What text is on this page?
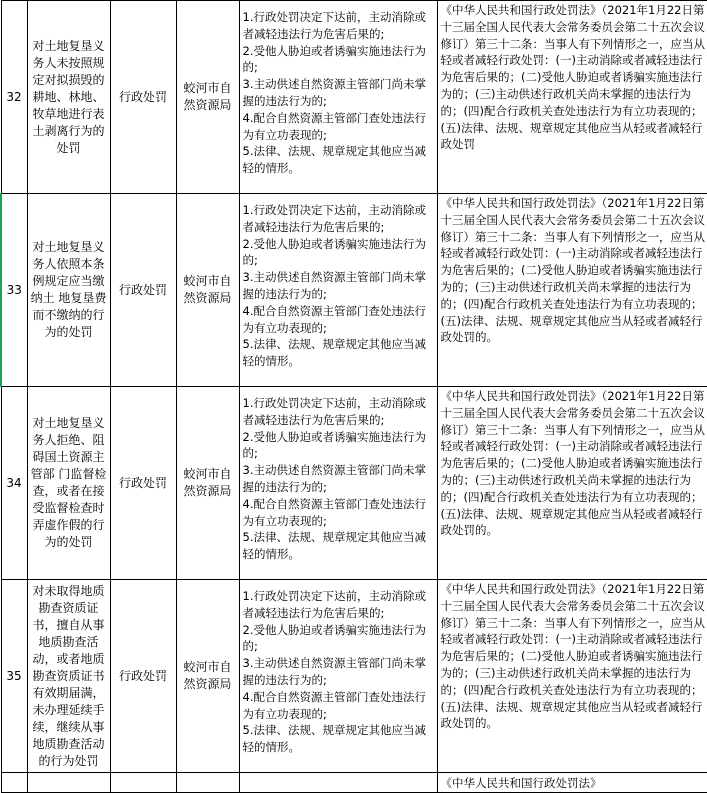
32	对土地复垦义务人未按照规定对拟损毁的耕地、林地、牧草地进行表土剥离行为的处罚	行政处罚	蛟河市自然资源局	1.行政处罚决定下达前，主动消除或者减轻违法行为危害后果的;

2.受他人胁迫或者诱骗实施违法行为的;

3.主动供述自然资源主管部门尚未掌握的违法行为的;

4.配合自然资源主管部门查处违法行为有立功表现的;

5.法律、法规、规章规定其他应当减轻的情形。	《中华人民共和国行政处罚法》（2021年1月22日第十三届全国人民代表大会常务委员会第二十五次会议修订）第三十二条：当事人有下列情形之一，应当从轻或者减轻行政处罚：(一)主动消除或者减轻违法行为危害后果的；(二)受他人胁迫或者诱骗实施违法行为的；(三)主动供述行政机关尚未掌握的违法行为的；(四)配合行政机关查处违法行为有立功表现的；(五)法律、法规、规章规定其他应当从轻或者减轻行政处罚

33	对土地复垦义务人依照本条例规定应当缴纳土 地复垦费而不缴纳的行为的处罚	行政处罚	蛟河市自然资源局	1.行政处罚决定下达前，主动消除或者减轻违法行为危害后果的;

2.受他人胁迫或者诱骗实施违法行为的;

3.主动供述自然资源主管部门尚未掌握的违法行为的;

4.配合自然资源主管部门查处违法行为有立功表现的;

5.法律、法规、规章规定其他应当减轻的情形。	《中华人民共和国行政处罚法》（2021年1月22日第十三届全国人民代表大会常务委员会第二十五次会议修订）第三十二条：当事人有下列情形之一，应当从轻或者减轻行政处罚：(一)主动消除或者减轻违法行为危害后果的；(二)受他人胁迫或者诱骗实施违法行为的；(三)主动供述行政机关尚未掌握的违法行为的；(四)配合行政机关查处违法行为有立功表现的；(五)法律、法规、规章规定其他应当从轻或者减轻行政处罚的。

34	对土地复垦义务人拒绝、阻碍国土资源主管部 门监督检查，或者在接受监督检查时弄虚作假的行为的处罚	行政处罚	蛟河市自然资源局	1.行政处罚决定下达前，主动消除或者减轻违法行为危害后果的;

2.受他人胁迫或者诱骗实施违法行为的;

3.主动供述自然资源主管部门尚未掌握的违法行为的;

4.配合自然资源主管部门查处违法行为有立功表现的;

5.法律、法规、规章规定其他应当减轻的情形。	《中华人民共和国行政处罚法》（2021年1月22日第十三届全国人民代表大会常务委员会第二十五次会议修订）第三十二条：当事人有下列情形之一，应当从轻或者减轻行政处罚：(一)主动消除或者减轻违法行为危害后果的；(二)受他人胁迫或者诱骗实施违法行为的；(三)主动供述行政机关尚未掌握的违法行为的；(四)配合行政机关查处违法行为有立功表现的；(五)法律、法规、规章规定其他应当从轻或者减轻行政处罚的。

35	对未取得地质勘查资质证书，擅自从事地质勘查活动，或者地质勘查资质证书有效期届满，未办理延续手续，继续从事地质勘查活动的行为处罚	行政处罚	蛟河市自然资源局	1.行政处罚决定下达前，主动消除或者减轻违法行为危害后果的;

2.受他人胁迫或者诱骗实施违法行为的;

3.主动供述自然资源主管部门尚未掌握的违法行为的;

4.配合自然资源主管部门查处违法行为有立功表现的;

5.法律、法规、规章规定其他应当减轻的情形。	《中华人民共和国行政处罚法》（2021年1月22日第十三届全国人民代表大会常务委员会第二十五次会议修订）第三十二条：当事人有下列情形之一，应当从轻或者减轻行政处罚：(一)主动消除或者减轻违法行为危害后果的；(二)受他人胁迫或者诱骗实施违法行为的；(三)主动供述行政机关尚未掌握的违法行为的；(四)配合行政机关查处违法行为有立功表现的；(五)法律、法规、规章规定其他应当从轻或者减轻行政处罚的。

					《中华人民共和国行政处罚法》
